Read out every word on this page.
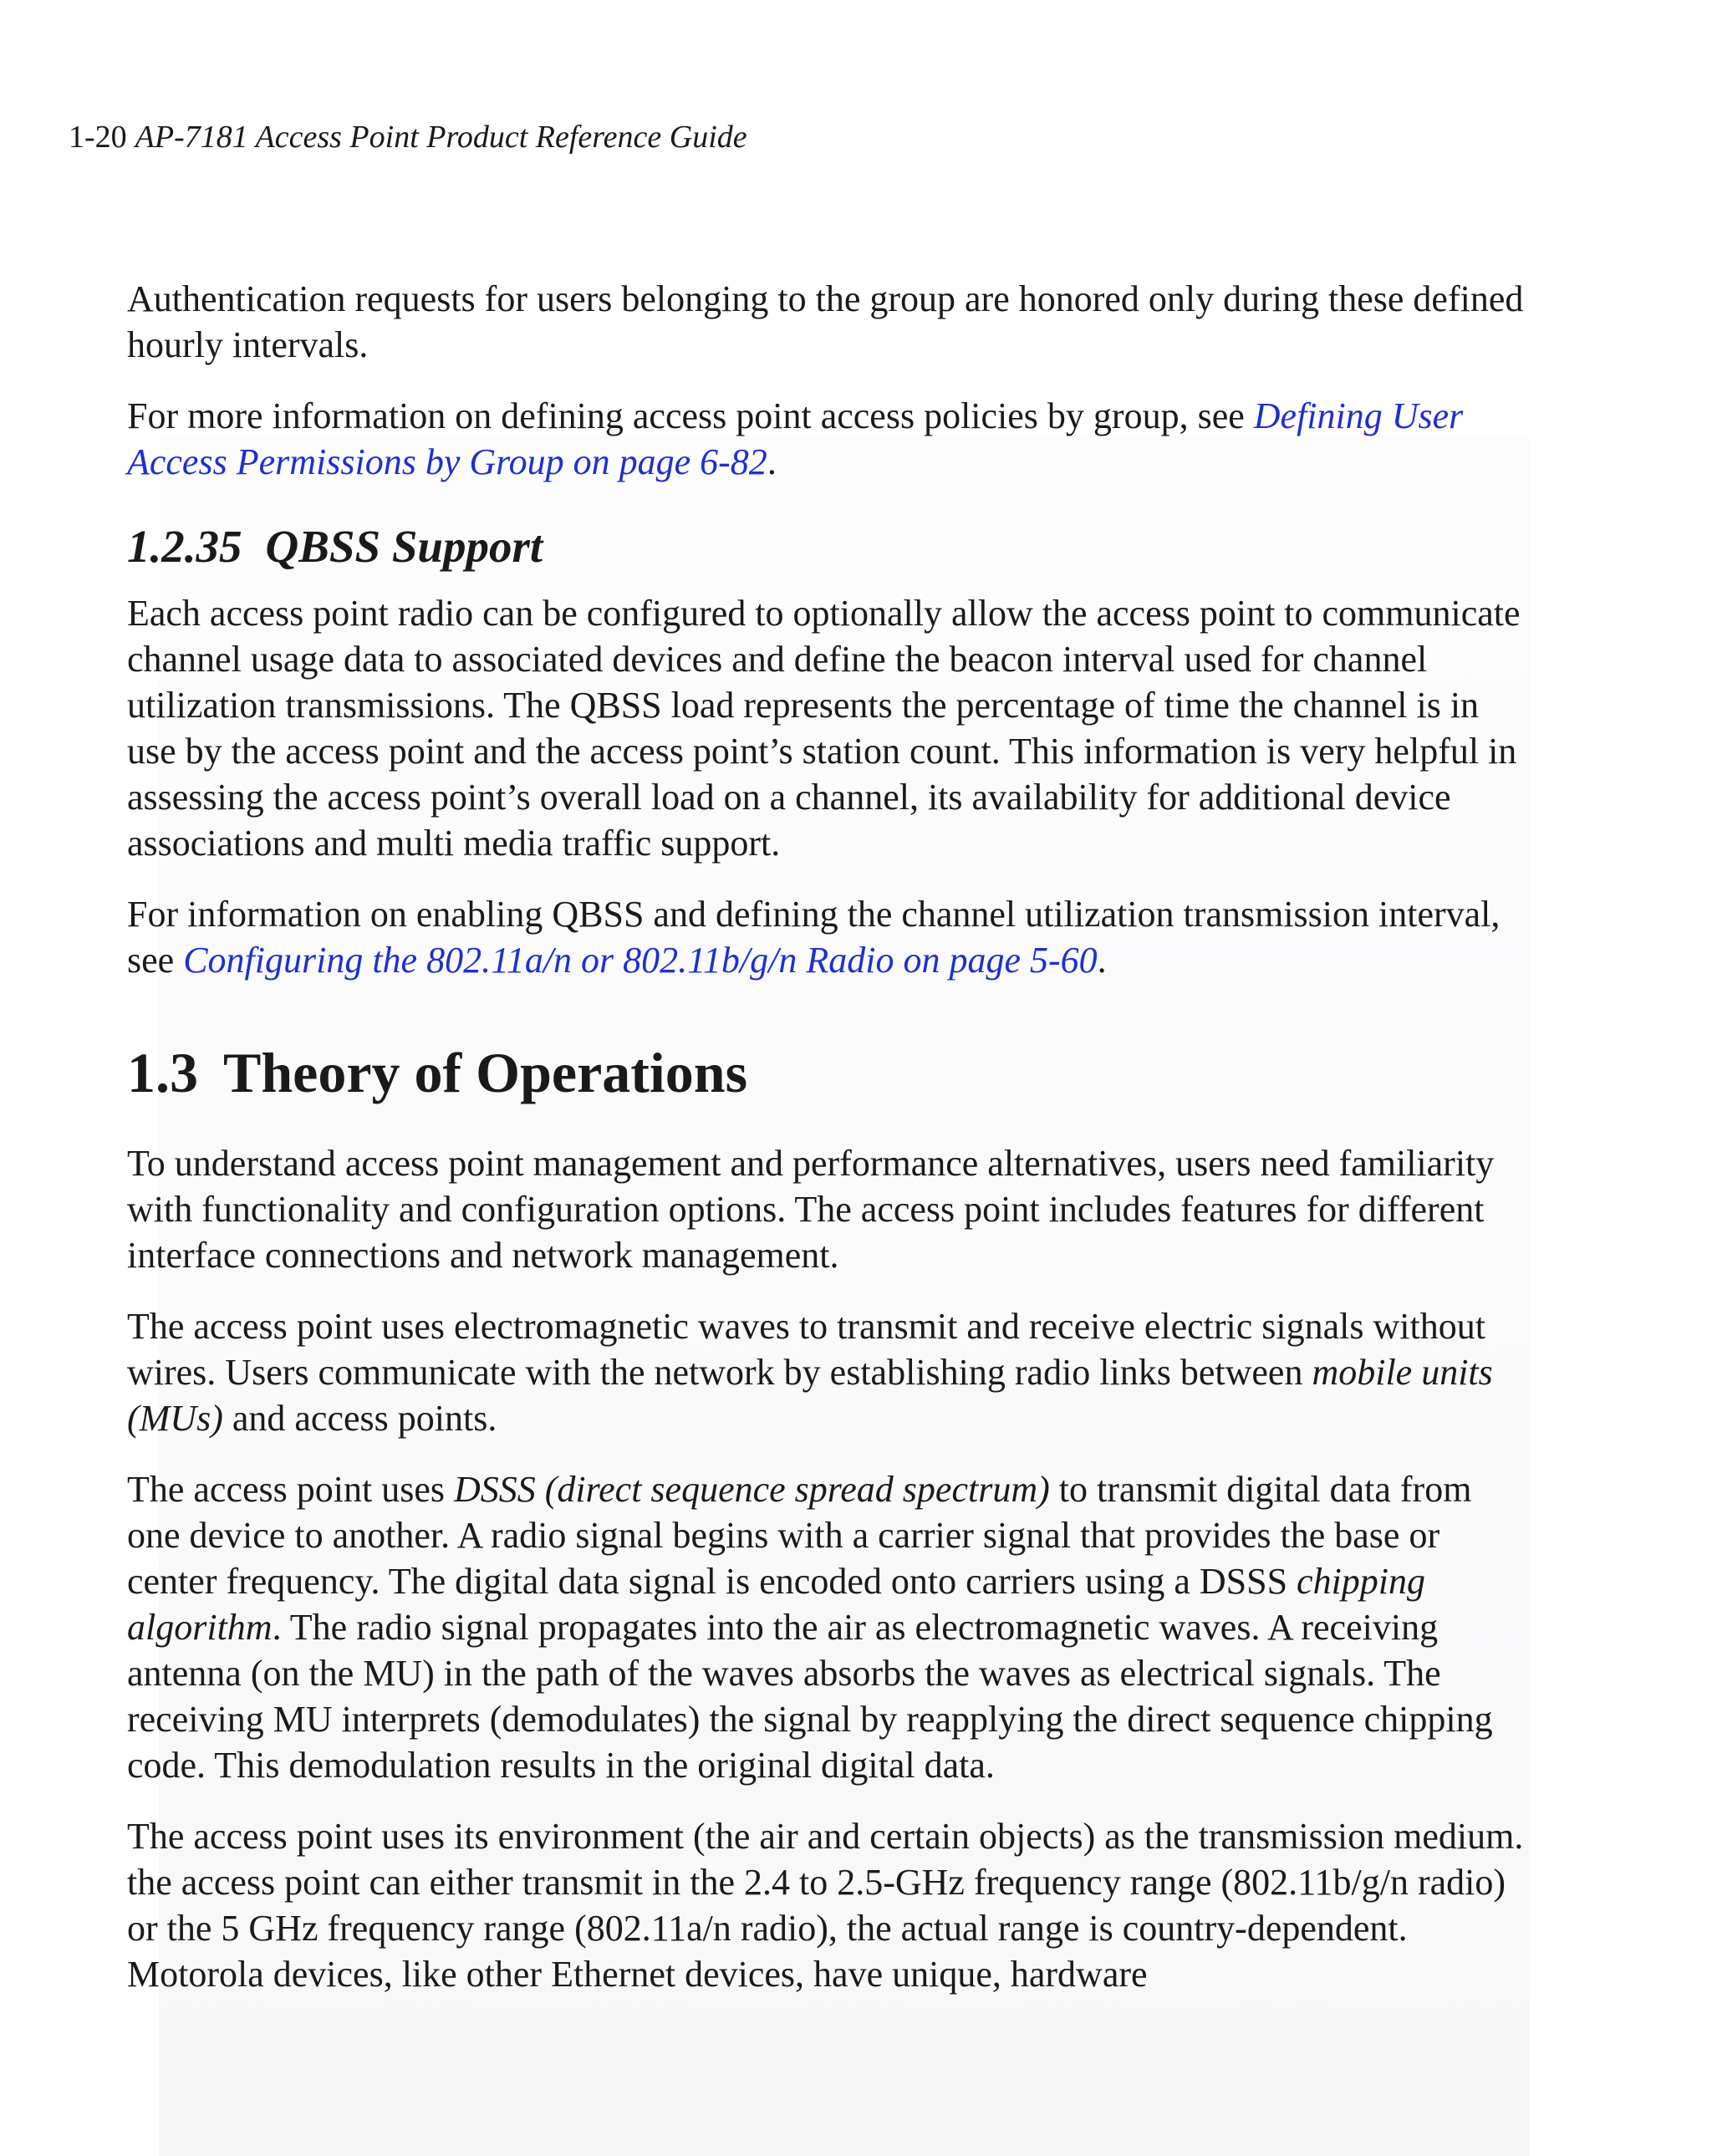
1-20 AP-7181 Access Point Product Reference Guide

Authentication requests for users belonging to the group are honored only during these defined hourly intervals.

For more information on defining access point access policies by group, see Defining User Access Permissions by Group on page 6-82.

1.2.35 QBSS Support

Each access point radio can be configured to optionally allow the access point to communicate channel usage data to associated devices and define the beacon interval used for channel utilization transmissions. The QBSS load represents the percentage of time the channel is in use by the access point and the access point’s station count. This information is very helpful in assessing the access point’s overall load on a channel, its availability for additional device associations and multi media traffic support.

For information on enabling QBSS and defining the channel utilization transmission interval, see Configuring the 802.11a/n or 802.11b/g/n Radio on page 5-60.

1.3 Theory of Operations

To understand access point management and performance alternatives, users need familiarity with functionality and configuration options. The access point includes features for different interface connections and network management.

The access point uses electromagnetic waves to transmit and receive electric signals without wires. Users communicate with the network by establishing radio links between mobile units (MUs) and access points.

The access point uses DSSS (direct sequence spread spectrum) to transmit digital data from one device to another. A radio signal begins with a carrier signal that provides the base or center frequency. The digital data signal is encoded onto carriers using a DSSS chipping algorithm. The radio signal propagates into the air as electromagnetic waves. A receiving antenna (on the MU) in the path of the waves absorbs the waves as electrical signals. The receiving MU interprets (demodulates) the signal by reapplying the direct sequence chipping code. This demodulation results in the original digital data.

The access point uses its environment (the air and certain objects) as the transmission medium. the access point can either transmit in the 2.4 to 2.5-GHz frequency range (802.11b/g/n radio) or the 5 GHz frequency range (802.11a/n radio), the actual range is country-dependent. Motorola devices, like other Ethernet devices, have unique, hardware
